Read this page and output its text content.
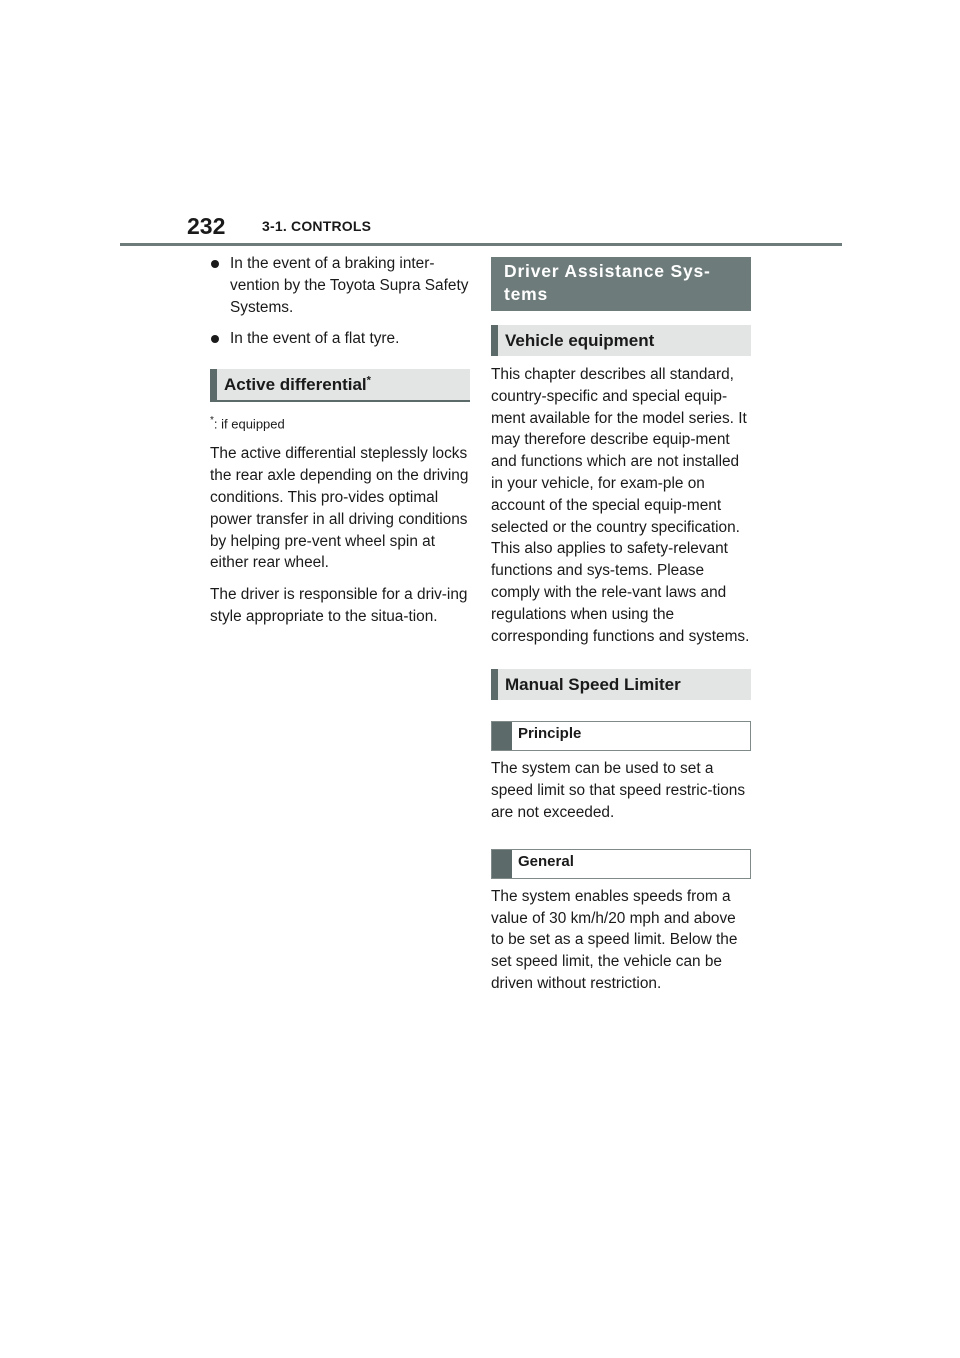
232	3-1. CONTROLS
In the event of a braking inter-vention by the Toyota Supra Safety Systems.
In the event of a flat tyre.
Active differential*
*: if equipped

The active differential steplessly locks the rear axle depending on the driving conditions. This pro-vides optimal power transfer in all driving conditions by helping pre-vent wheel spin at either rear wheel.

The driver is responsible for a driv-ing style appropriate to the situa-tion.

Driver Assistance Sys-tems
Vehicle equipment

This chapter describes all standard, country-specific and special equip-ment available for the model series. It may therefore describe equip-ment and functions which are not installed in your vehicle, for exam-ple on account of the special equip-ment selected or the country specification. This also applies to safety-relevant functions and sys-tems. Please comply with the rele-vant laws and regulations when using the corresponding functions and systems.

Manual Speed Limiter
Principle

The system can be used to set a speed limit so that speed restric-tions are not exceeded.

General

The system enables speeds from a value of 30 km/h/20 mph and above to be set as a speed limit. Below the set speed limit, the vehicle can be driven without restriction.
